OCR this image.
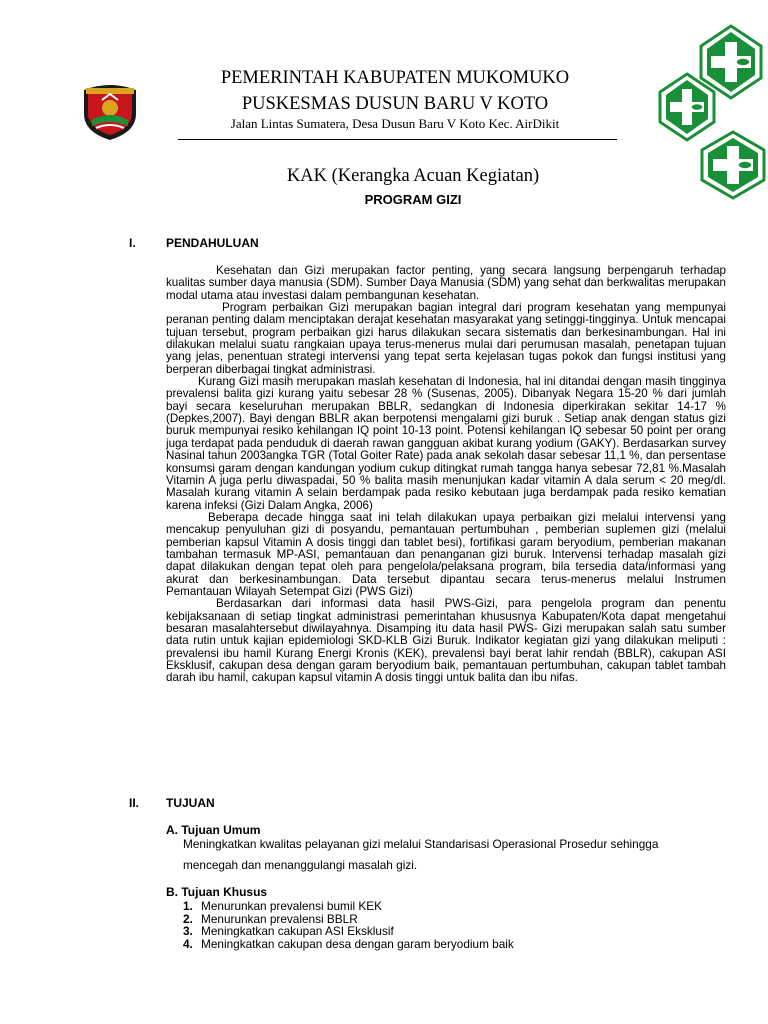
PEMERINTAH KABUPATEN MUKOMUKO
PUSKESMAS DUSUN BARU V KOTO
Jalan Lintas Sumatera, Desa Dusun Baru V Koto Kec. AirDikit
KAK (Kerangka Acuan Kegiatan)
PROGRAM GIZI
I.	PENDAHULUAN

Kesehatan dan Gizi merupakan factor penting, yang secara langsung berpengaruh terhadap kualitas sumber daya manusia (SDM). Sumber Daya Manusia (SDM) yang sehat dan berkwalitas merupakan modal utama atau investasi dalam pembangunan kesehatan.

Program perbaikan Gizi merupakan bagian integral dari program kesehatan yang mempunyai peranan penting dalam menciptakan derajat kesehatan masyarakat yang setinggi-tingginya. Untuk mencapai tujuan tersebut, program perbaikan gizi harus dilakukan secara sistematis dan berkesinambungan. Hal ini dilakukan melalui suatu rangkaian upaya terus-menerus mulai dari perumusan masalah, penetapan tujuan yang jelas, penentuan strategi intervensi yang tepat serta kejelasan tugas pokok dan fungsi institusi yang berperan diberbagai tingkat administrasi.

Kurang Gizi masih merupakan maslah kesehatan di Indonesia, hal ini ditandai dengan masih tingginya prevalensi balita gizi kurang yaitu sebesar 28 % (Susenas, 2005). Dibanyak Negara 15-20 % dari jumlah bayi secara keseluruhan merupakan BBLR, sedangkan di Indonesia diperkirakan sekitar 14-17 % (Depkes,2007). Bayi dengan BBLR akan berpotensi mengalami gizi buruk . Setiap anak dengan status gizi buruk mempunyai resiko kehilangan IQ point 10-13 point. Potensi kehilangan IQ sebesar 50 point per orang juga terdapat pada penduduk di daerah rawan gangguan akibat kurang yodium (GAKY). Berdasarkan survey Nasinal tahun 2003angka TGR (Total Goiter Rate) pada anak sekolah dasar sebesar 11,1 %, dan persentase konsumsi garam dengan kandungan yodium cukup ditingkat rumah tangga hanya sebesar 72,81 %.Masalah Vitamin A juga perlu diwaspadai, 50 % balita masih menunjukan kadar vitamin A dala serum < 20 meg/dl. Masalah kurang vitamin A selain berdampak pada resiko kebutaan juga berdampak pada resiko kematian karena infeksi (Gizi Dalam Angka, 2006)

Beberapa decade hingga saat ini telah dilakukan upaya perbaikan gizi melalui intervensi yang mencakup penyuluhan gizi di posyandu, pemantauan pertumbuhan , pemberian suplemen gizi (melalui pemberian kapsul Vitamin A dosis tinggi dan tablet besi), fortifikasi garam beryodium, pemberian makanan tambahan termasuk MP-ASI, pemantauan dan penanganan gizi buruk. Intervensi terhadap masalah gizi dapat dilakukan dengan tepat oleh para pengelola/pelaksana program, bila tersedia data/informasi yang akurat dan berkesinambungan. Data tersebut dipantau secara terus-menerus melalui Instrumen Pemantauan Wilayah Setempat Gizi (PWS Gizi)

Berdasarkan dari informasi data hasil PWS-Gizi, para pengelola program dan penentu kebijaksanaan di setiap tingkat administrasi pemerintahan khususnya Kabupaten/Kota dapat mengetahui besaran masalahtersebut diwilayahnya. Disamping itu data hasil PWS- Gizi merupakan salah satu sumber data rutin untuk kajian epidemiologi SKD-KLB Gizi Buruk. Indikator kegiatan gizi yang dilakukan meliputi : prevalensi ibu hamil Kurang Energi Kronis (KEK), prevalensi bayi berat lahir rendah (BBLR), cakupan ASI Eksklusif, cakupan desa dengan garam beryodium baik, pemantauan pertumbuhan, cakupan tablet tambah darah ibu hamil, cakupan kapsul vitamin A dosis tinggi untuk balita dan ibu nifas.

II. TUJUAN
A. Tujuan Umum
Meningkatkan kwalitas pelayanan gizi melalui Standarisasi Operasional Prosedur sehingga
mencegah dan menanggulangi masalah gizi.
B. Tujuan Khusus
1. Menurunkan prevalensi bumil KEK
2. Menurunkan prevalensi BBLR
3. Meningkatkan cakupan ASI Eksklusif
4. Meningkatkan cakupan desa dengan garam beryodium baik
